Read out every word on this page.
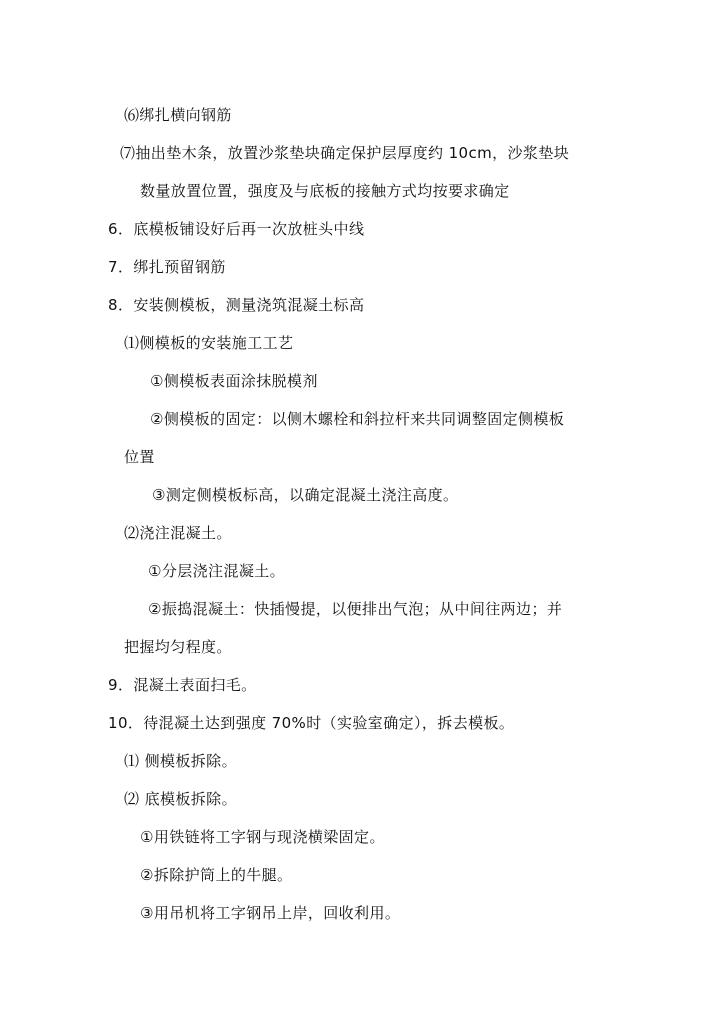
⑹绑扎横向钢筋
⑺抽出垫木条，放置沙浆垫块确定保护层厚度约 10cm，沙浆垫块
数量放置位置，强度及与底板的接触方式均按要求确定
6．底模板铺设好后再一次放桩头中线
7．绑扎预留钢筋
8．安装侧模板，测量浇筑混凝土标高
⑴侧模板的安装施工工艺
①侧模板表面涂抹脱模剂
②侧模板的固定：以侧木螺栓和斜拉杆来共同调整固定侧模板
位置
③测定侧模板标高，以确定混凝土浇注高度。
⑵浇注混凝土。
①分层浇注混凝土。
②振捣混凝土：快插慢提，以便排出气泡；从中间往两边；并
把握均匀程度。
9．混凝土表面扫毛。
10．待混凝土达到强度 70%时（实验室确定），拆去模板。
⑴ 侧模板拆除。
⑵ 底模板拆除。
①用铁链将工字钢与现浇横梁固定。
②拆除护筒上的牛腿。
③用吊机将工字钢吊上岸，回收利用。
